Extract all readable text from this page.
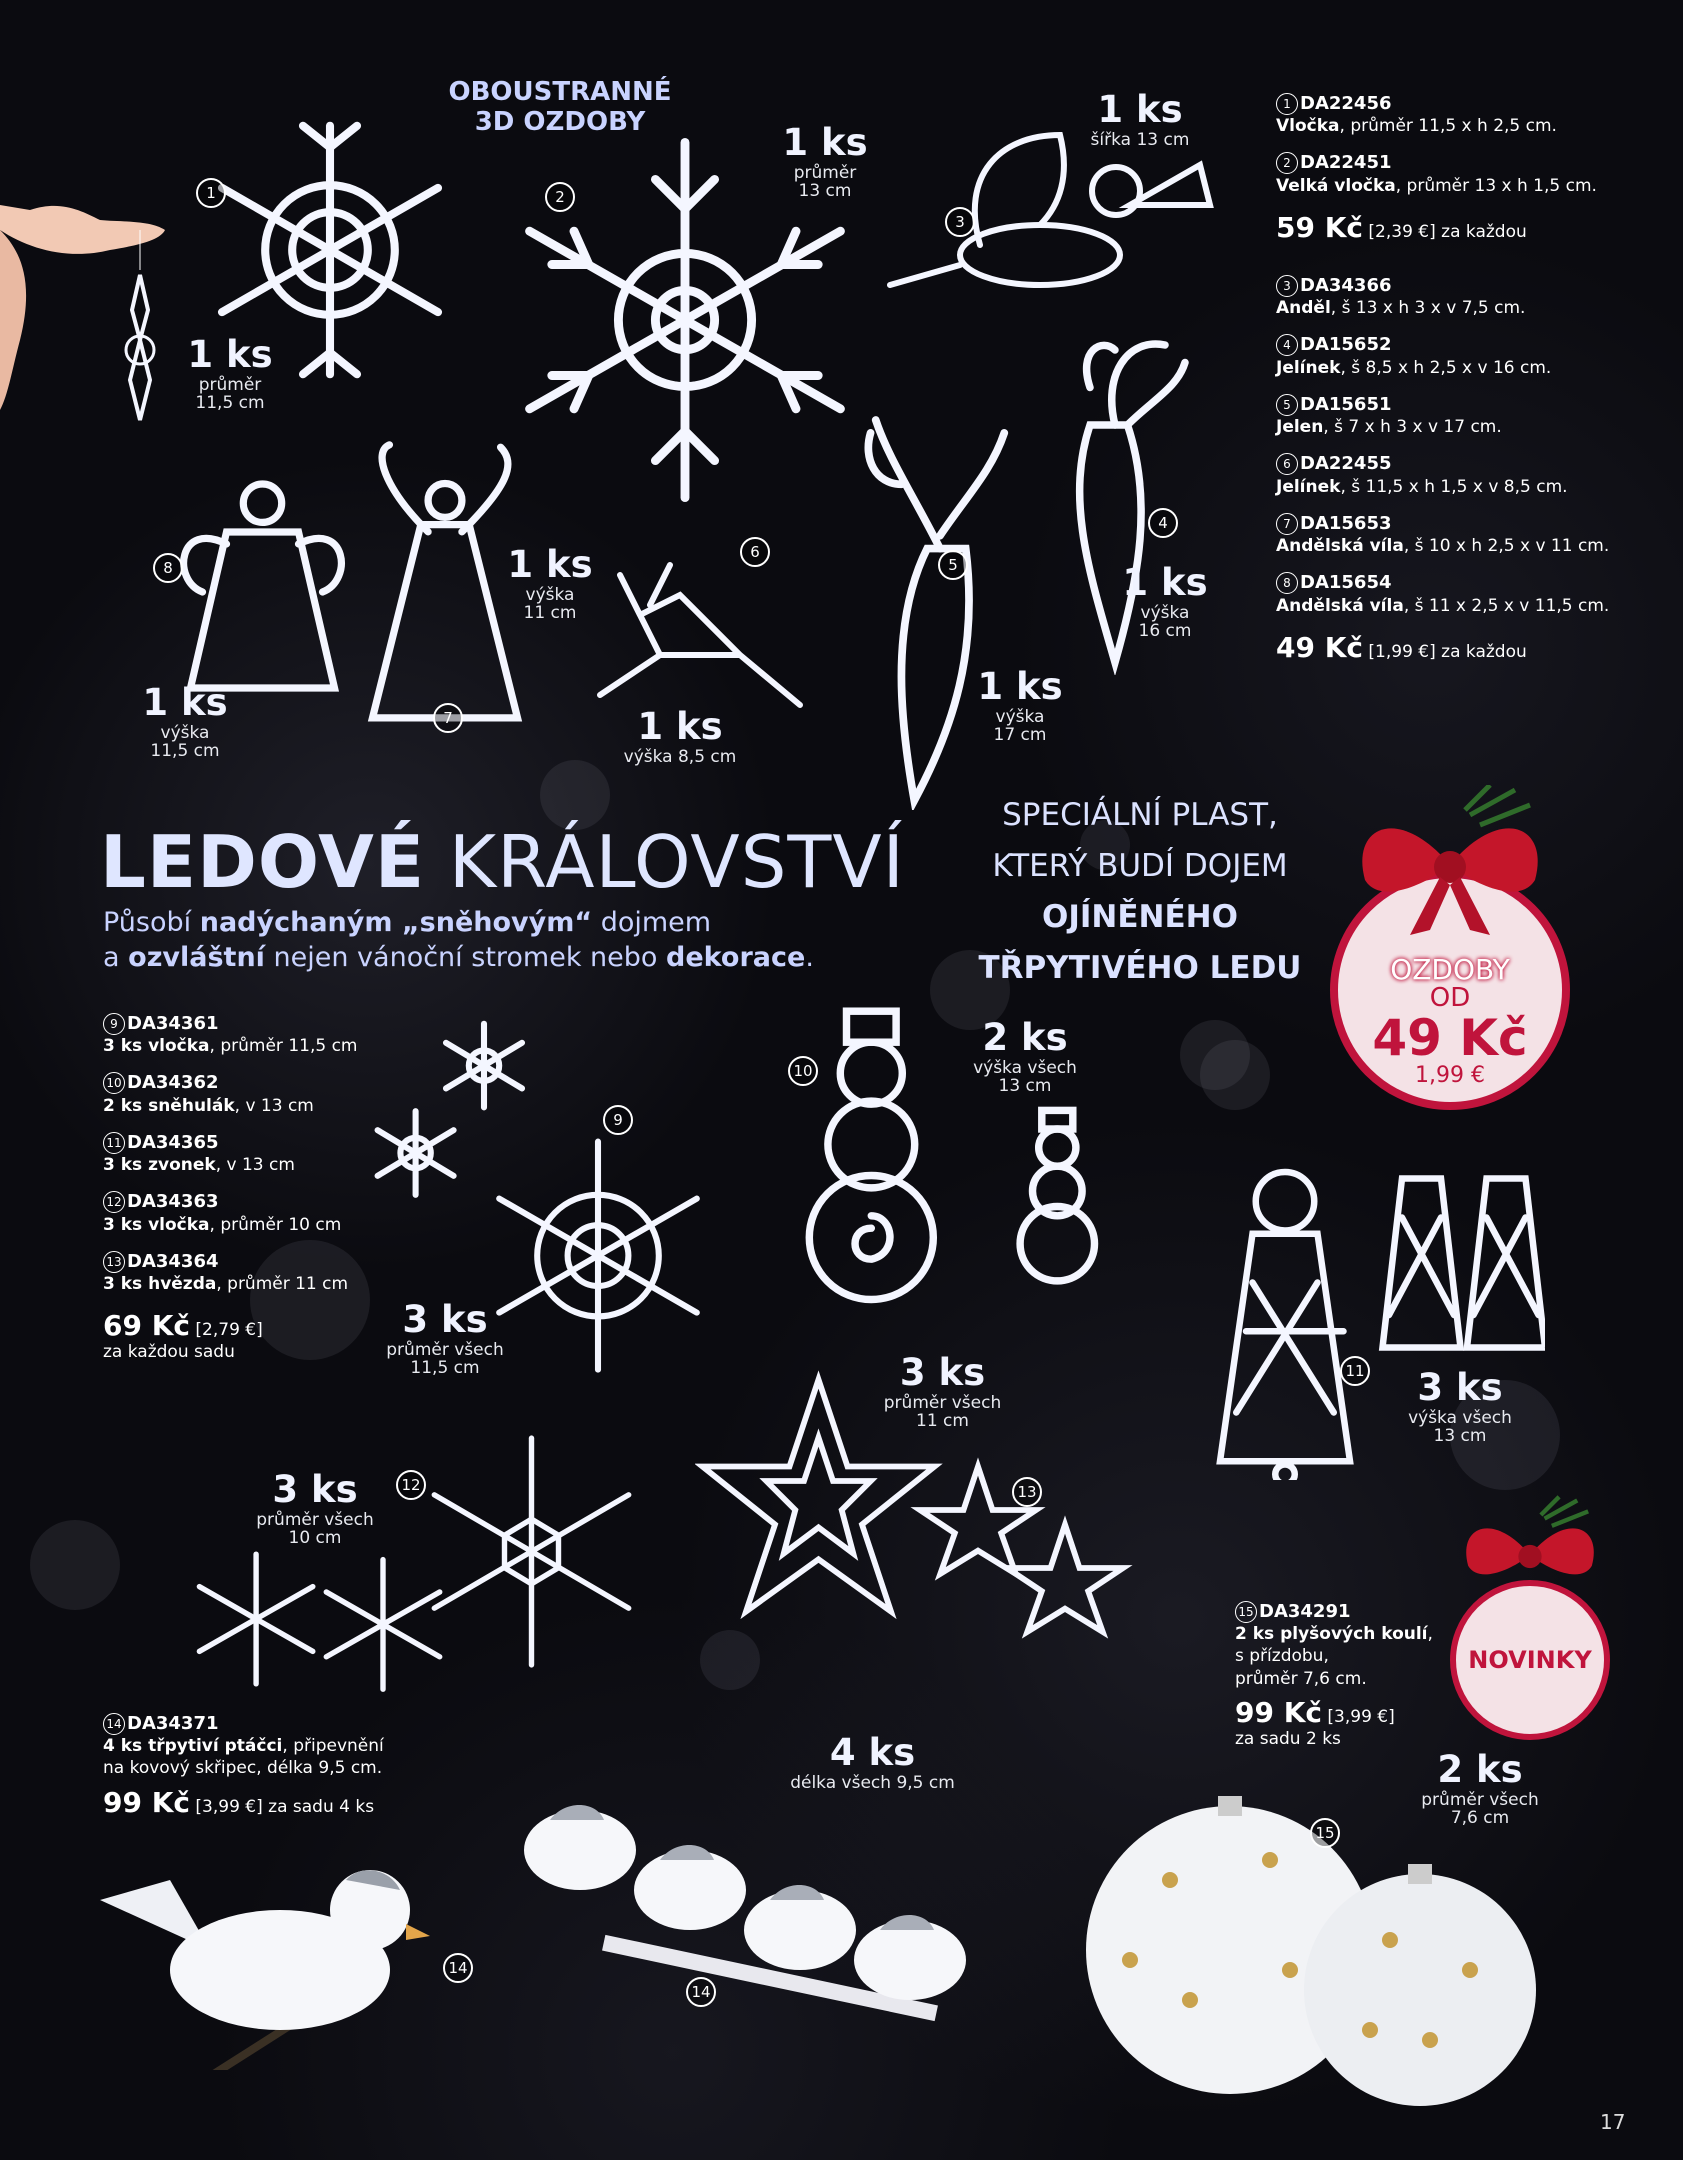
1	2
3
4
5
6
7
8
OBOUSTRANNÉ
3D OZDOBY
1 ks
průměr
11,5 cm
1 ks
průměr
13 cm
1 ks
šířka 13 cm
1 ks
výška
11 cm
1 ks
výška 8,5 cm
1 ks
výška
16 cm
1 ks
výška
17 cm
1 ks
výška
11,5 cm
1 DA22456
Vločka, průměr 11,5 x h 2,5 cm.
2 DA22451
Velká vločka, průměr 13 x h 1,5 cm.
59 Kč [2,39 €] za každou
3 DA34366
Anděl, š 13 x h 3 x v 7,5 cm.
4 DA15652
Jelínek, š 8,5 x h 2,5 x v 16 cm.
5 DA15651
Jelen, š 7 x h 3 x v 17 cm.
6 DA22455
Jelínek, š 11,5 x h 1,5 x v 8,5 cm.
7 DA15653
Andělská víla, š 10 x h 2,5 x v 11 cm.
8 DA15654
Andělská víla, š 11 x 2,5 x v 11,5 cm.
49 Kč [1,99 €] za každou
LEDOVÉ KRÁLOVSTVÍ
Působí nadýchaným „sněhovým“ dojmem
a ozvláštní nejen vánoční stromek nebo dekorace.
SPECIÁLNÍ PLAST,
KTERÝ BUDÍ DOJEM
OJÍNĚNÉHO
TŘPYTIVÉHO LEDU	OZDOBY
OD
49 Kč
1,99 €
9 DA34361
3 ks vločka, průměr 11,5 cm
10 DA34362
2 ks sněhulák, v 13 cm
11 DA34365
3 ks zvonek, v 13 cm
12 DA34363
3 ks vločka, průměr 10 cm
13 DA34364
3 ks hvězda, průměr 11 cm
69 Kč [2,79 €]
za každou sadu
9
10
11
12	13
2 ks
výška všech
13 cm
3 ks
průměr všech
11,5 cm	3 ks
průměr všech
11 cm
3 ks
výška všech
13 cm
3 ks
průměr všech
10 cm
4 ks
délka všech 9,5 cm	2 ks
průměr všech
7,6 cm
14 DA34371
4 ks třpytiví ptáčci, připevnění
na kovový skřipec, délka 9,5 cm.
99 Kč [3,99 €] za sadu 4 ks
15 DA34291
2 ks plyšových koulí,
s přízdobu,
průměr 7,6 cm.
99 Kč [3,99 €]
za sadu 2 ks
NOVINKY
14
14
15
17
